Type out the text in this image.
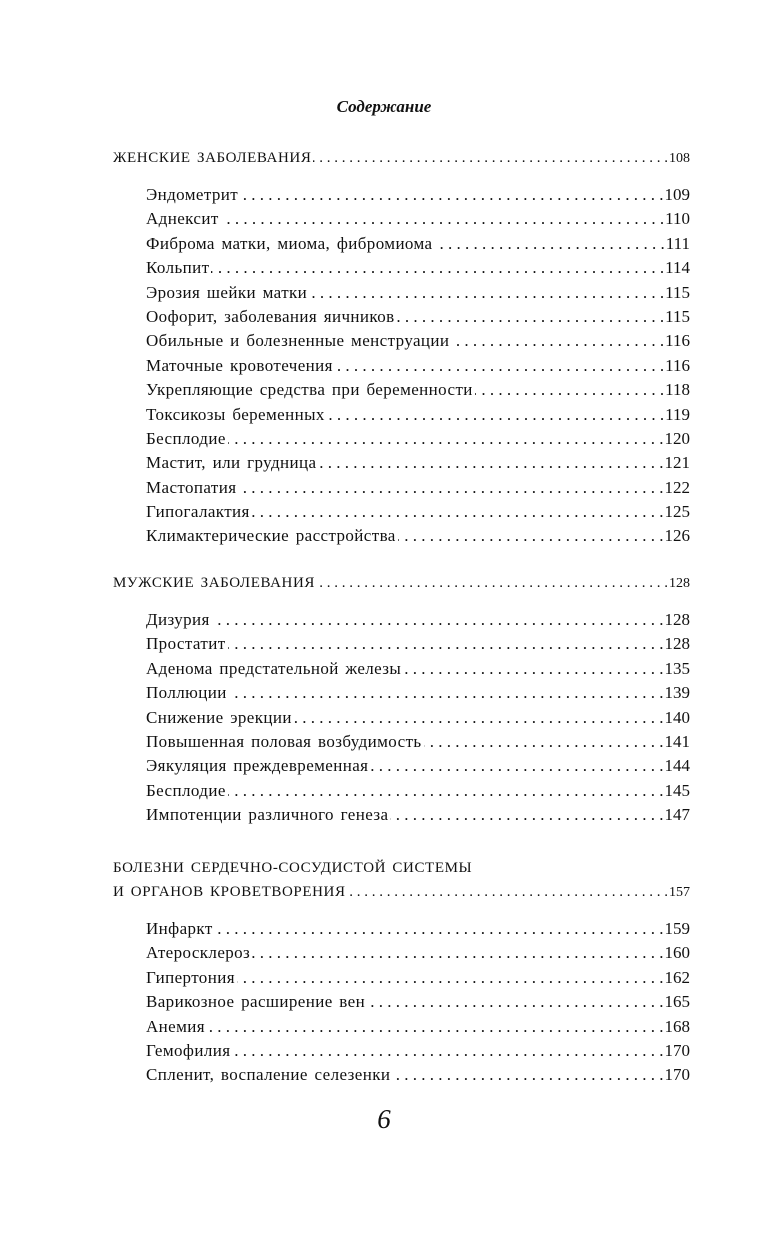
Содержание
ЖЕНСКИЕ ЗАБОЛЕВАНИЯ . . .	108
Эндометрит . . .	109
Аднексит . . .	110
Фиброма матки, миома, фибромиома . . .	111
Кольпит . . .	114
Эрозия шейки матки . . .	115
Оофорит, заболевания яичников . . .	115
Обильные и болезненные менструации . . .	116
Маточные кровотечения . . .	116
Укрепляющие средства при беременности . . .	118
Токсикозы беременных . . .	119
Бесплодие . . .	120
Мастит, или грудница . . .	121
Мастопатия . . .	122
Гипогалактия . . .	125
Климактерические расстройства . . .	126
МУЖСКИЕ ЗАБОЛЕВАНИЯ . . .	128
Дизурия . . .	128
Простатит . . .	128
Аденома предстательной железы . . .	135
Поллюции . . .	139
Снижение эрекции . . .	140
Повышенная половая возбудимость . . .	141
Эякуляция преждевременная . . .	144
Бесплодие . . .	145
Импотенции различного генеза . . .	147
БОЛЕЗНИ СЕРДЕЧНО-СОСУДИСТОЙ СИСТЕМЫ
И ОРГАНОВ КРОВЕТВОРЕНИЯ . . .	157
Инфаркт . . .	159
Атеросклероз . . .	160
Гипертония . . .	162
Варикозное расширение вен . . .	165
Анемия . . .	168
Гемофилия . . .	170
Спленит, воспаление селезенки . . .	170
6
